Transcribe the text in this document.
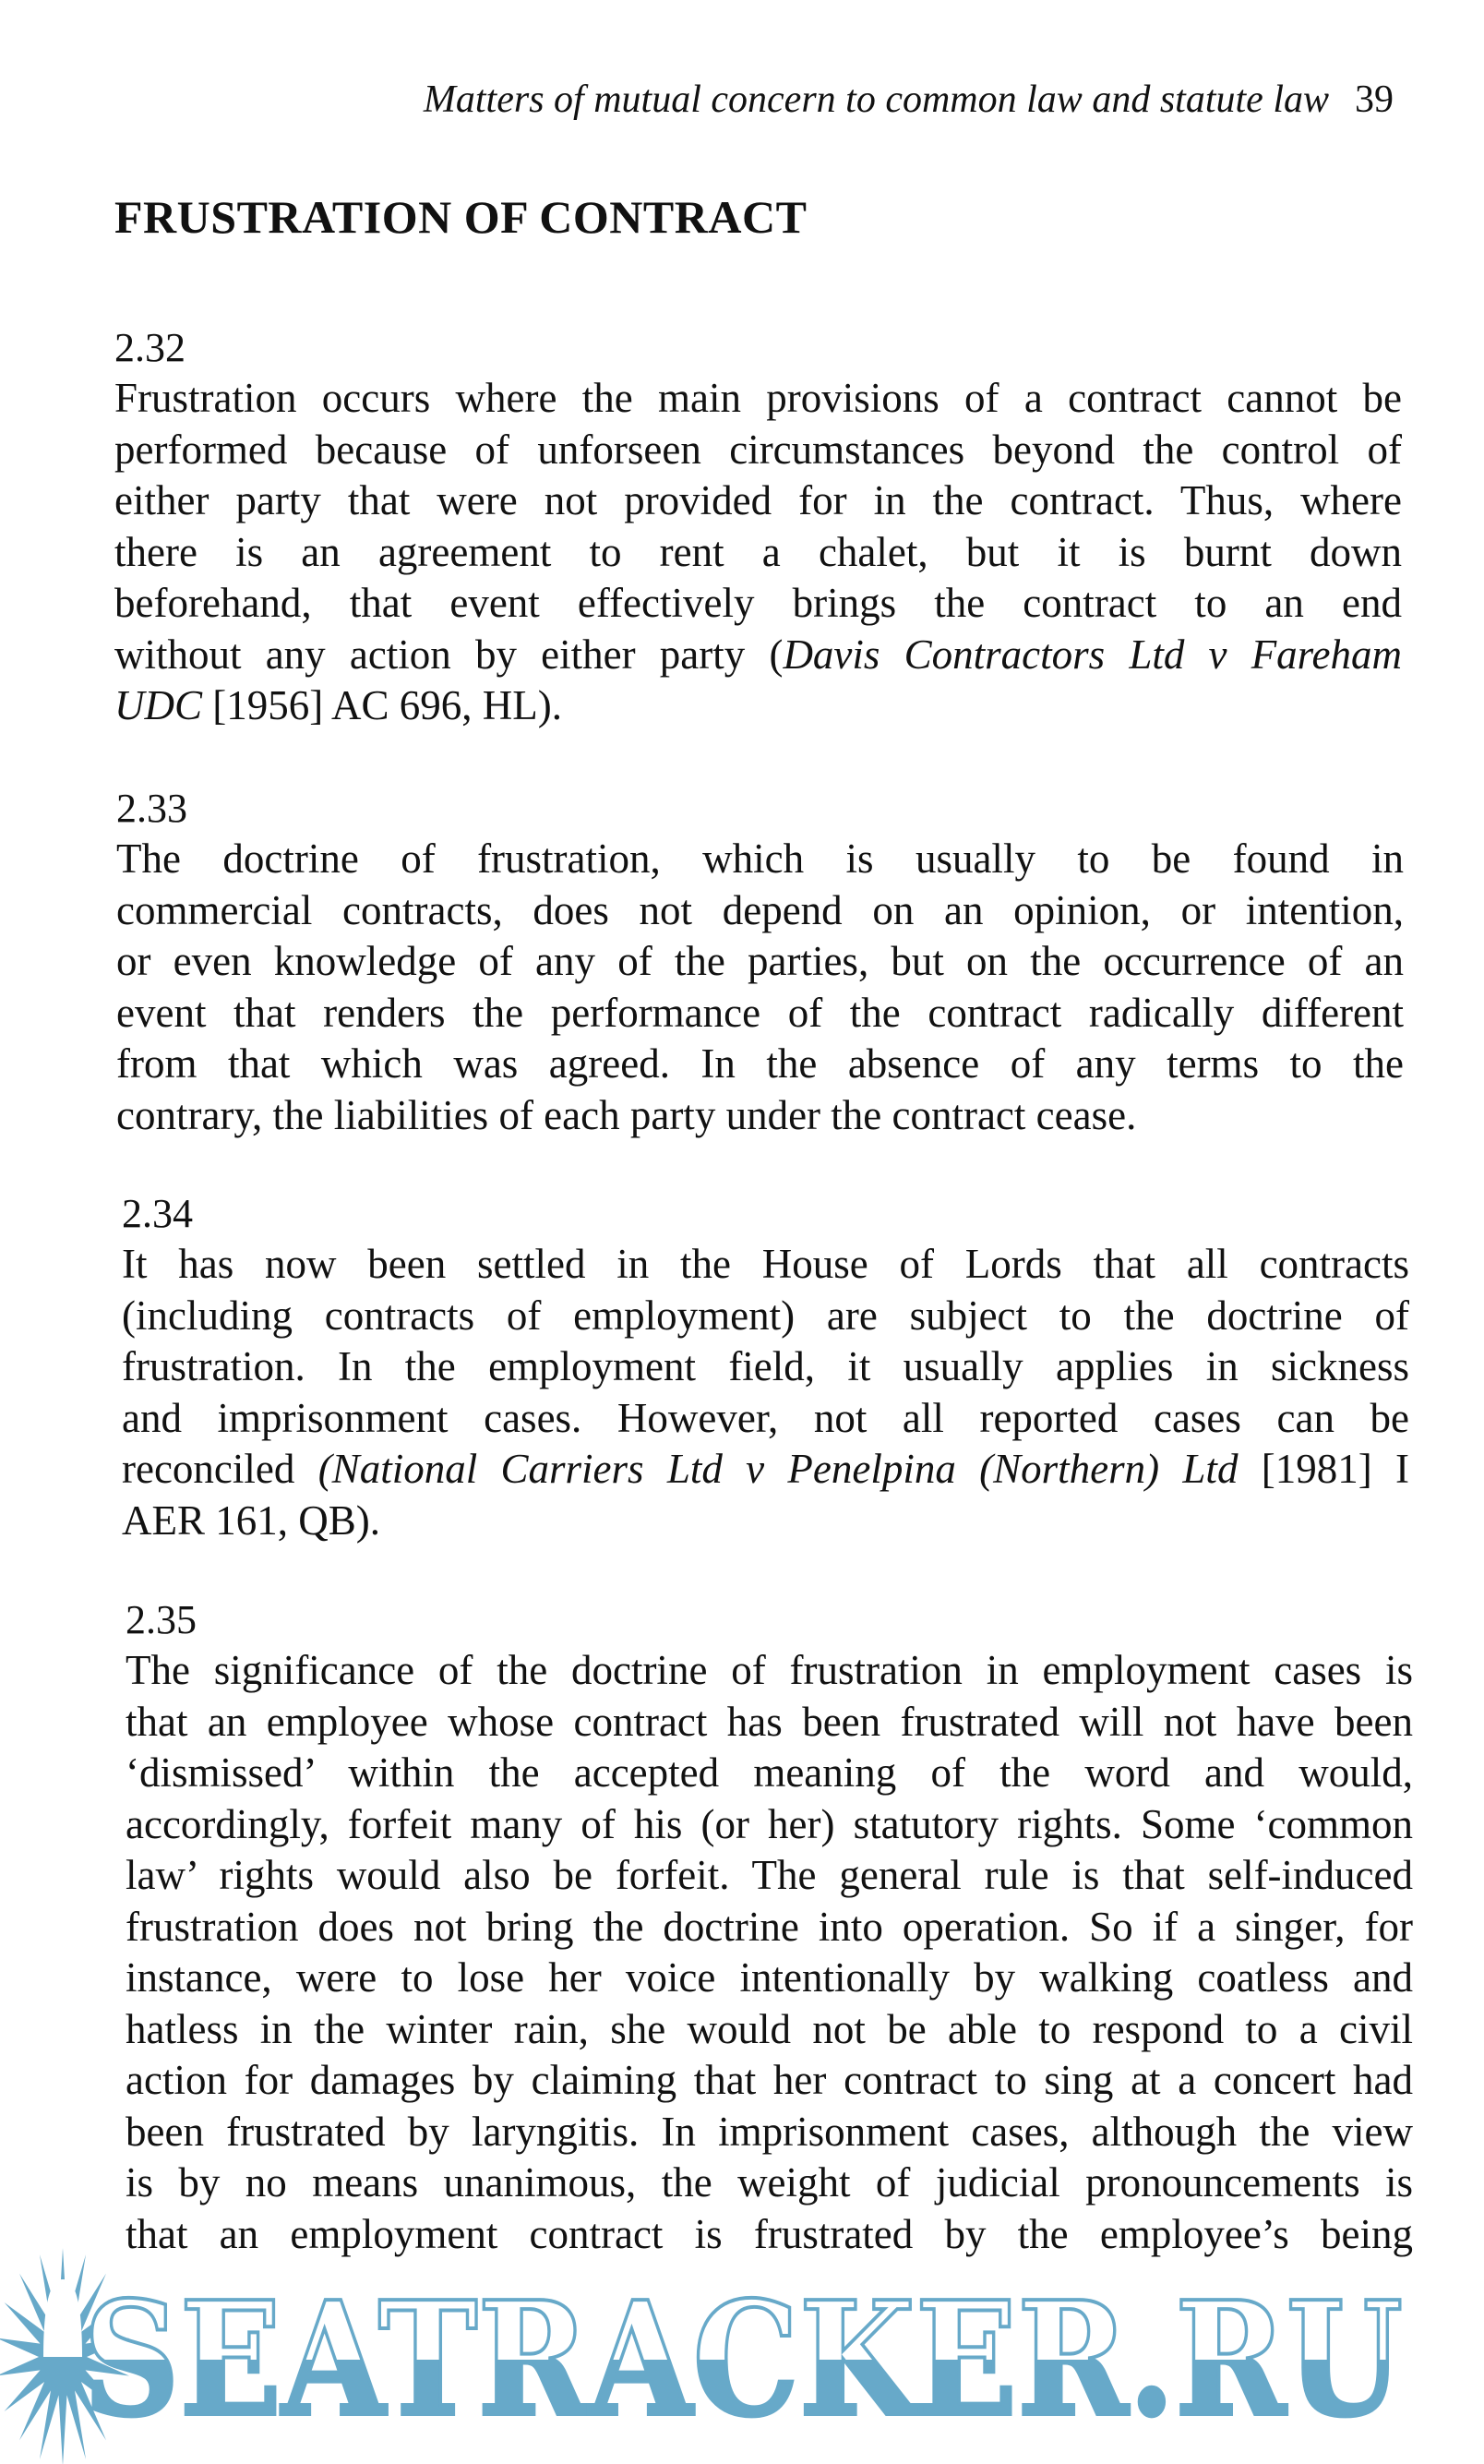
Matters of mutual concern to common law and statute law 39
FRUSTRATION OF CONTRACT
2.32
Frustration occurs where the main provisions of a contract cannot be
performed because of unforseen circumstances beyond the control of
either party that were not provided for in the contract. Thus, where
there is an agreement to rent a chalet, but it is burnt down
beforehand, that event effectively brings the contract to an end
without any action by either party (Davis Contractors Ltd v Fareham
UDC [1956] AC 696, HL).
2.33
The doctrine of frustration, which is usually to be found in
commercial contracts, does not depend on an opinion, or intention,
or even knowledge of any of the parties, but on the occurrence of an
event that renders the performance of the contract radically different
from that which was agreed. In the absence of any terms to the
contrary, the liabilities of each party under the contract cease.
2.34
It has now been settled in the House of Lords that all contracts
(including contracts of employment) are subject to the doctrine of
frustration. In the employment field, it usually applies in sickness
and imprisonment cases. However, not all reported cases can be
reconciled (National Carriers Ltd v Penelpina (Northern) Ltd [1981] I
AER 161, QB).
2.35
The significance of the doctrine of frustration in employment cases is
that an employee whose contract has been frustrated will not have been
‘dismissed’ within the accepted meaning of the word and would,
accordingly, forfeit many of his (or her) statutory rights. Some ‘common
law’ rights would also be forfeit. The general rule is that self-induced
frustration does not bring the doctrine into operation. So if a singer, for
instance, were to lose her voice intentionally by walking coatless and
hatless in the winter rain, she would not be able to respond to a civil
action for damages by claiming that her contract to sing at a concert had
been frustrated by laryngitis. In imprisonment cases, although the view
is by no means unanimous, the weight of judicial pronouncements is
that an employment contract is frustrated by the employee’s being
SEATRACKER.RU
